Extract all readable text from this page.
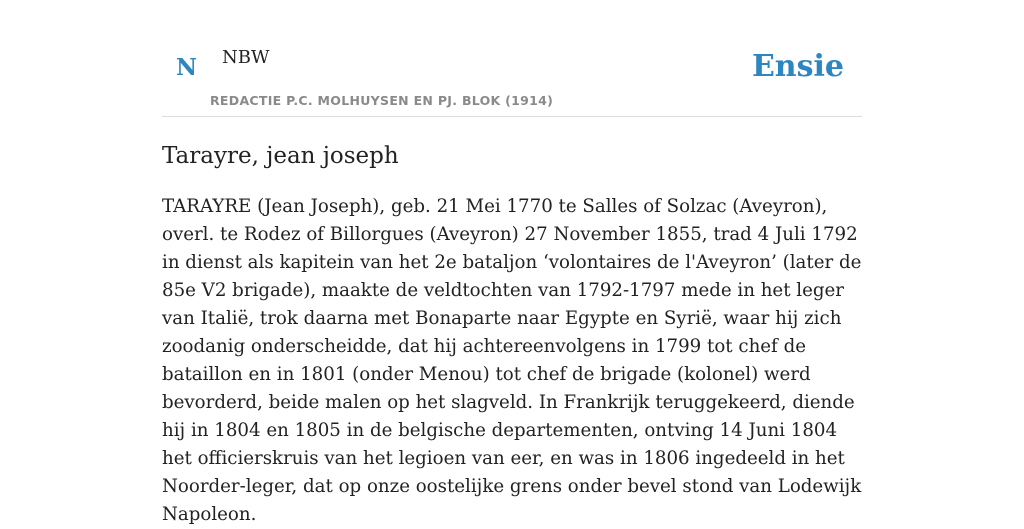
N NBW
REDACTIE P.C. MOLHUYSEN EN PJ. BLOK (1914)
Ensie
Tarayre, jean joseph

TARAYRE (Jean Joseph), geb. 21 Mei 1770 te Salles of Solzac (Aveyron), overl. te Rodez of Billorgues (Aveyron) 27 November 1855, trad 4 Juli 1792 in dienst als kapitein van het 2e bataljon ‘volontaires de l'Aveyron’ (later de 85e V2 brigade), maakte de veldtochten van 1792-1797 mede in het leger van Italië, trok daarna met Bonaparte naar Egypte en Syrië, waar hij zich zoodanig onderscheidde, dat hij achtereenvolgens in 1799 tot chef de bataillon en in 1801 (onder Menou) tot chef de brigade (kolonel) werd bevorderd, beide malen op het slagveld. In Frankrijk teruggekeerd, diende hij in 1804 en 1805 in de belgische departementen, ontving 14 Juni 1804 het officierskruis van het legioen van eer, en was in 1806 ingedeeld in het Noorder-leger, dat op onze oostelijke grens onder bevel stond van Lodewijk Napoleon.
